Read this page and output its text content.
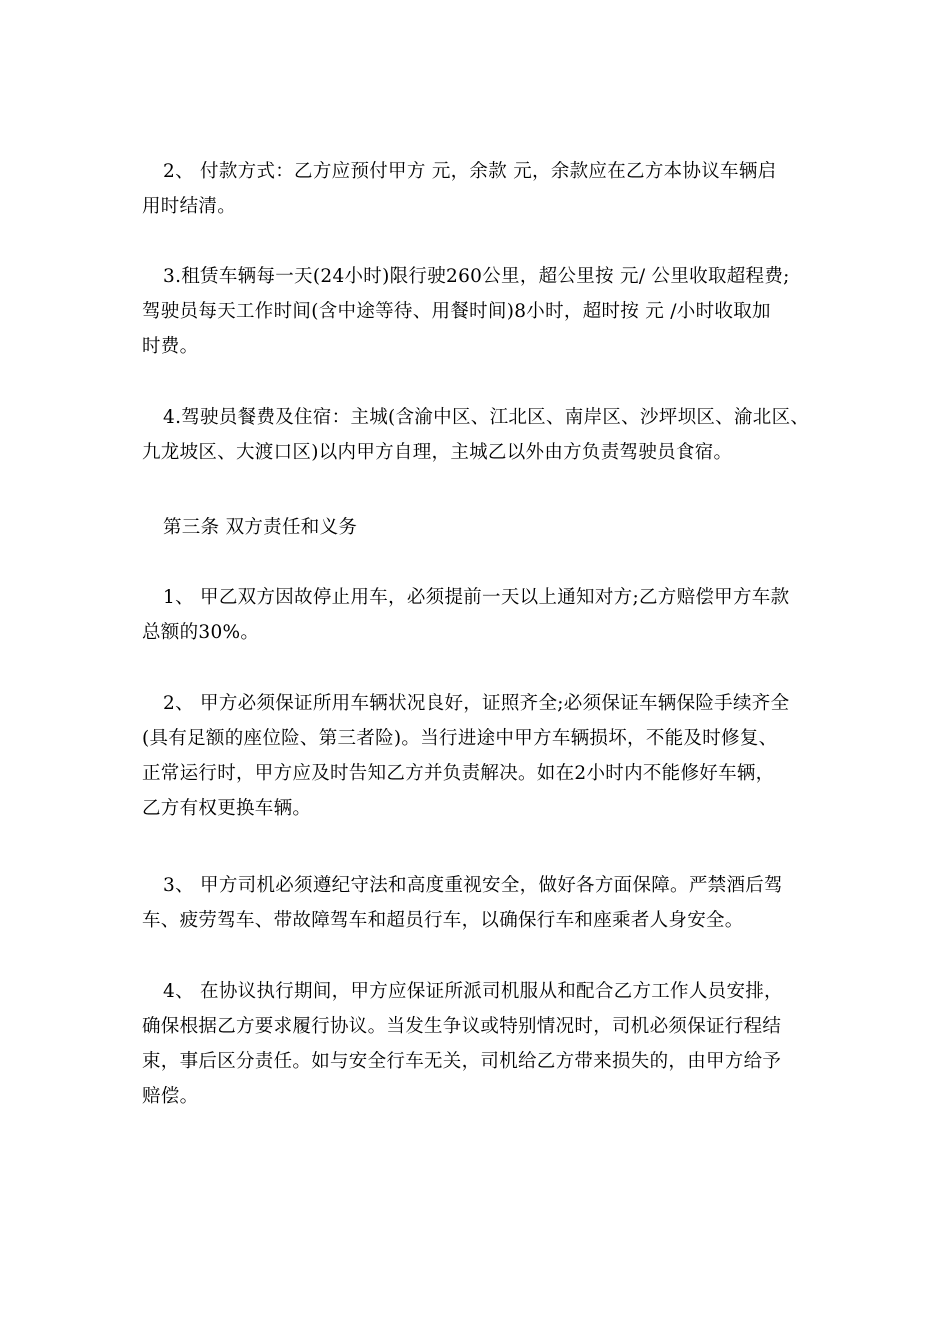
2、 付款方式：乙方应预付甲方 元，余款 元，余款应在乙方本协议车辆启
用时结清。
3.租赁车辆每一天(24小时)限行驶260公里，超公里按 元/ 公里收取超程费;
驾驶员每天工作时间(含中途等待、用餐时间)8小时，超时按 元 /小时收取加
时费。
4.驾驶员餐费及住宿：主城(含渝中区、江北区、南岸区、沙坪坝区、渝北区、
九龙坡区、大渡口区)以内甲方自理，主城乙以外由方负责驾驶员食宿。
第三条 双方责任和义务
1、 甲乙双方因故停止用车，必须提前一天以上通知对方;乙方赔偿甲方车款
总额的30%。
2、 甲方必须保证所用车辆状况良好，证照齐全;必须保证车辆保险手续齐全
(具有足额的座位险、第三者险)。当行进途中甲方车辆损坏，不能及时修复、
正常运行时，甲方应及时告知乙方并负责解决。如在2小时内不能修好车辆，
乙方有权更换车辆。
3、 甲方司机必须遵纪守法和高度重视安全，做好各方面保障。严禁酒后驾
车、疲劳驾车、带故障驾车和超员行车，以确保行车和座乘者人身安全。
4、 在协议执行期间，甲方应保证所派司机服从和配合乙方工作人员安排，
确保根据乙方要求履行协议。当发生争议或特别情况时，司机必须保证行程结
束，事后区分责任。如与安全行车无关，司机给乙方带来损失的，由甲方给予
赔偿。
